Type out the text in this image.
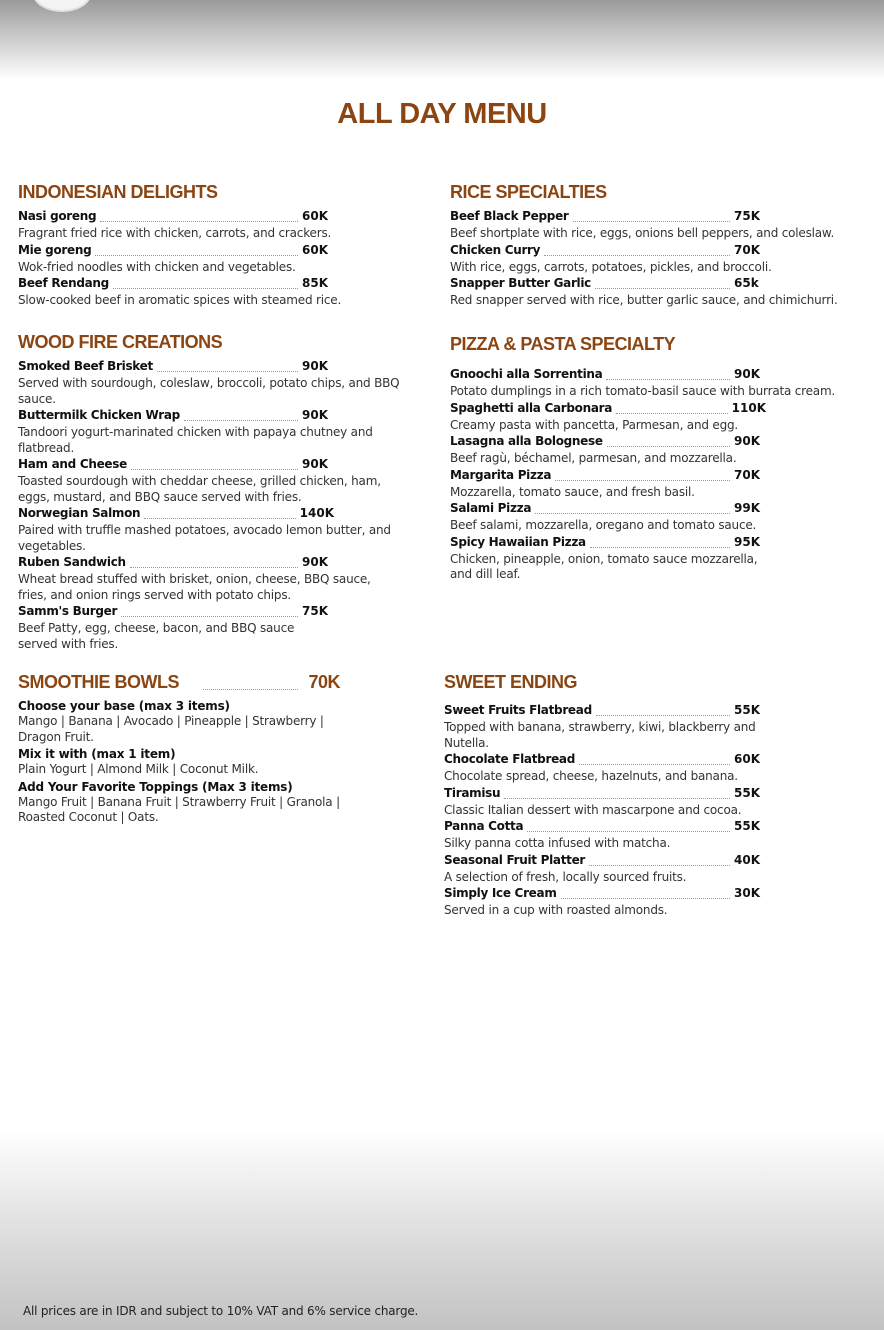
ALL DAY MENU
INDONESIAN DELIGHTS
Nasi goreng	60K
Fragrant fried rice with chicken, carrots, and crackers.
Mie goreng	60K
Wok-fried noodles with chicken and vegetables.
Beef Rendang	85K
Slow-cooked beef in aromatic spices with steamed rice.
RICE SPECIALTIES
Beef Black Pepper	75K
Beef shortplate with rice, eggs, onions bell peppers, and coleslaw.
Chicken Curry	70K
With rice, eggs, carrots, potatoes, pickles, and broccoli.
Snapper Butter Garlic	65k
Red snapper served with rice, butter garlic sauce, and chimichurri.
WOOD FIRE CREATIONS
Smoked Beef Brisket	90K
Served with sourdough, coleslaw, broccoli, potato chips, and BBQ sauce.
Buttermilk Chicken Wrap	90K
Tandoori yogurt-marinated chicken with papaya chutney and flatbread.
Ham and Cheese	90K
Toasted sourdough with cheddar cheese, grilled chicken, ham, eggs, mustard, and BBQ sauce served with fries.
Norwegian Salmon	140K
Paired with truffle mashed potatoes, avocado lemon butter, and vegetables.
Ruben Sandwich	90K
Wheat bread stuffed with brisket, onion, cheese, BBQ sauce, fries, and onion rings served with potato chips.
Samm's Burger	75K
Beef Patty, egg, cheese, bacon, and BBQ sauce served with fries.
PIZZA & PASTA SPECIALTY
Gnoochi alla Sorrentina	90K
Potato dumplings in a rich tomato-basil sauce with burrata cream.
Spaghetti alla Carbonara	110K
Creamy pasta with pancetta, Parmesan, and egg.
Lasagna alla Bolognese	90K
Beef ragù, béchamel, parmesan, and mozzarella.
Margarita Pizza	70K
Mozzarella, tomato sauce, and fresh basil.
Salami Pizza	99K
Beef salami, mozzarella, oregano and tomato sauce.
Spicy Hawaiian Pizza	95K
Chicken, pineapple, onion, tomato sauce mozzarella, and dill leaf.
SMOOTHIE BOWLS	70K
Choose your base (max 3 items)
Mango | Banana | Avocado | Pineapple | Strawberry | Dragon Fruit.
Mix it with (max 1 item)
Plain Yogurt | Almond Milk | Coconut Milk.
Add Your Favorite Toppings (Max 3 items)
Mango Fruit | Banana Fruit | Strawberry Fruit | Granola | Roasted Coconut | Oats.
SWEET ENDING
Sweet Fruits Flatbread	55K
Topped with banana, strawberry, kiwi, blackberry and Nutella.
Chocolate Flatbread	60K
Chocolate spread, cheese, hazelnuts, and banana.
Tiramisu	55K
Classic Italian dessert with mascarpone and cocoa.
Panna Cotta	55K
Silky panna cotta infused with matcha.
Seasonal Fruit Platter	40K
A selection of fresh, locally sourced fruits.
Simply Ice Cream	30K
Served in a cup with roasted almonds.
All prices are in IDR and subject to 10% VAT and 6% service charge.
